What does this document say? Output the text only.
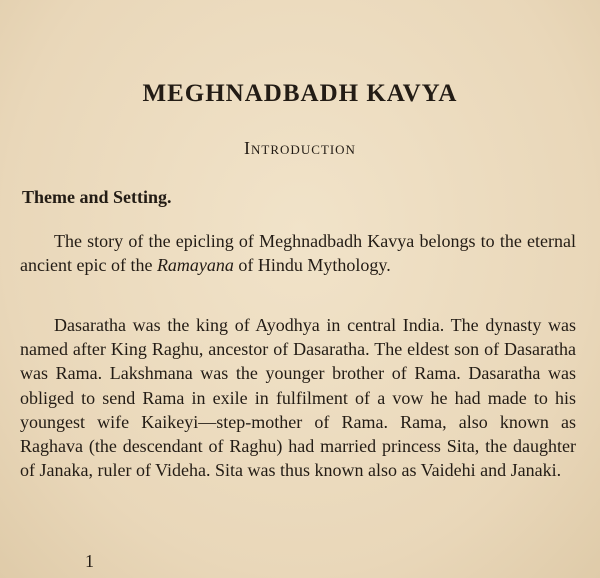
MEGHNADBADH KAVYA
Introduction
Theme and Setting.

The story of the epicling of Meghnadbadh Kavya belongs to the eternal ancient epic of the Ramayana of Hindu Mythology.

Dasaratha was the king of Ayodhya in central India. The dynasty was named after King Raghu, ancestor of Dasaratha. The eldest son of Dasaratha was Rama. Lakshmana was the younger brother of Rama. Dasaratha was obliged to send Rama in exile in fulfilment of a vow he had made to his youngest wife Kaikeyi—step-mother of Rama. Rama, also known as Raghava (the descendant of Raghu) had married princess Sita, the daughter of Janaka, ruler of Videha. Sita was thus known also as Vaidehi and Janaki.

1
